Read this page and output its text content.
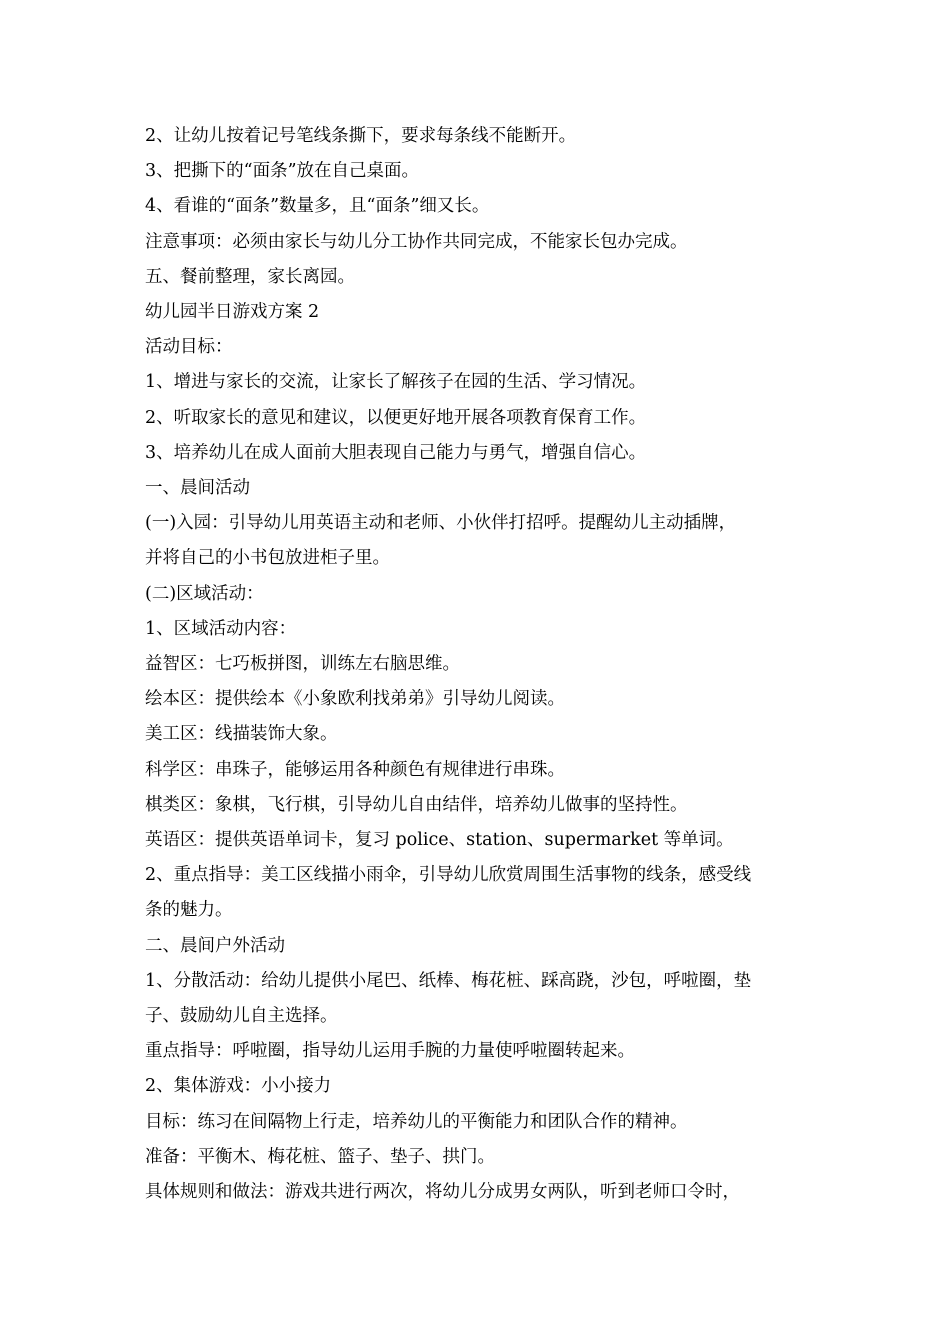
2、让幼儿按着记号笔线条撕下，要求每条线不能断开。

3、把撕下的“面条”放在自己桌面。

4、看谁的“面条”数量多，且“面条”细又长。

注意事项：必须由家长与幼儿分工协作共同完成，不能家长包办完成。

五、餐前整理，家长离园。

幼儿园半日游戏方案 2

活动目标：

1、增进与家长的交流，让家长了解孩子在园的生活、学习情况。

2、听取家长的意见和建议，以便更好地开展各项教育保育工作。

3、培养幼儿在成人面前大胆表现自己能力与勇气，增强自信心。

一、晨间活动

(一)入园：引导幼儿用英语主动和老师、小伙伴打招呼。提醒幼儿主动插牌，

并将自己的小书包放进柜子里。

(二)区域活动：

1、区域活动内容：

益智区：七巧板拼图，训练左右脑思维。

绘本区：提供绘本《小象欧利找弟弟》引导幼儿阅读。

美工区：线描装饰大象。

科学区：串珠子，能够运用各种颜色有规律进行串珠。

棋类区：象棋，飞行棋，引导幼儿自由结伴，培养幼儿做事的坚持性。

英语区：提供英语单词卡，复习 police、station、supermarket 等单词。

2、重点指导：美工区线描小雨伞，引导幼儿欣赏周围生活事物的线条，感受线

条的魅力。

二、晨间户外活动

1、分散活动：给幼儿提供小尾巴、纸棒、梅花桩、踩高跷，沙包，呼啦圈，垫

子、鼓励幼儿自主选择。

重点指导：呼啦圈，指导幼儿运用手腕的力量使呼啦圈转起来。

2、集体游戏：小小接力

目标：练习在间隔物上行走，培养幼儿的平衡能力和团队合作的精神。

准备：平衡木、梅花桩、篮子、垫子、拱门。

具体规则和做法：游戏共进行两次，将幼儿分成男女两队，听到老师口令时，
